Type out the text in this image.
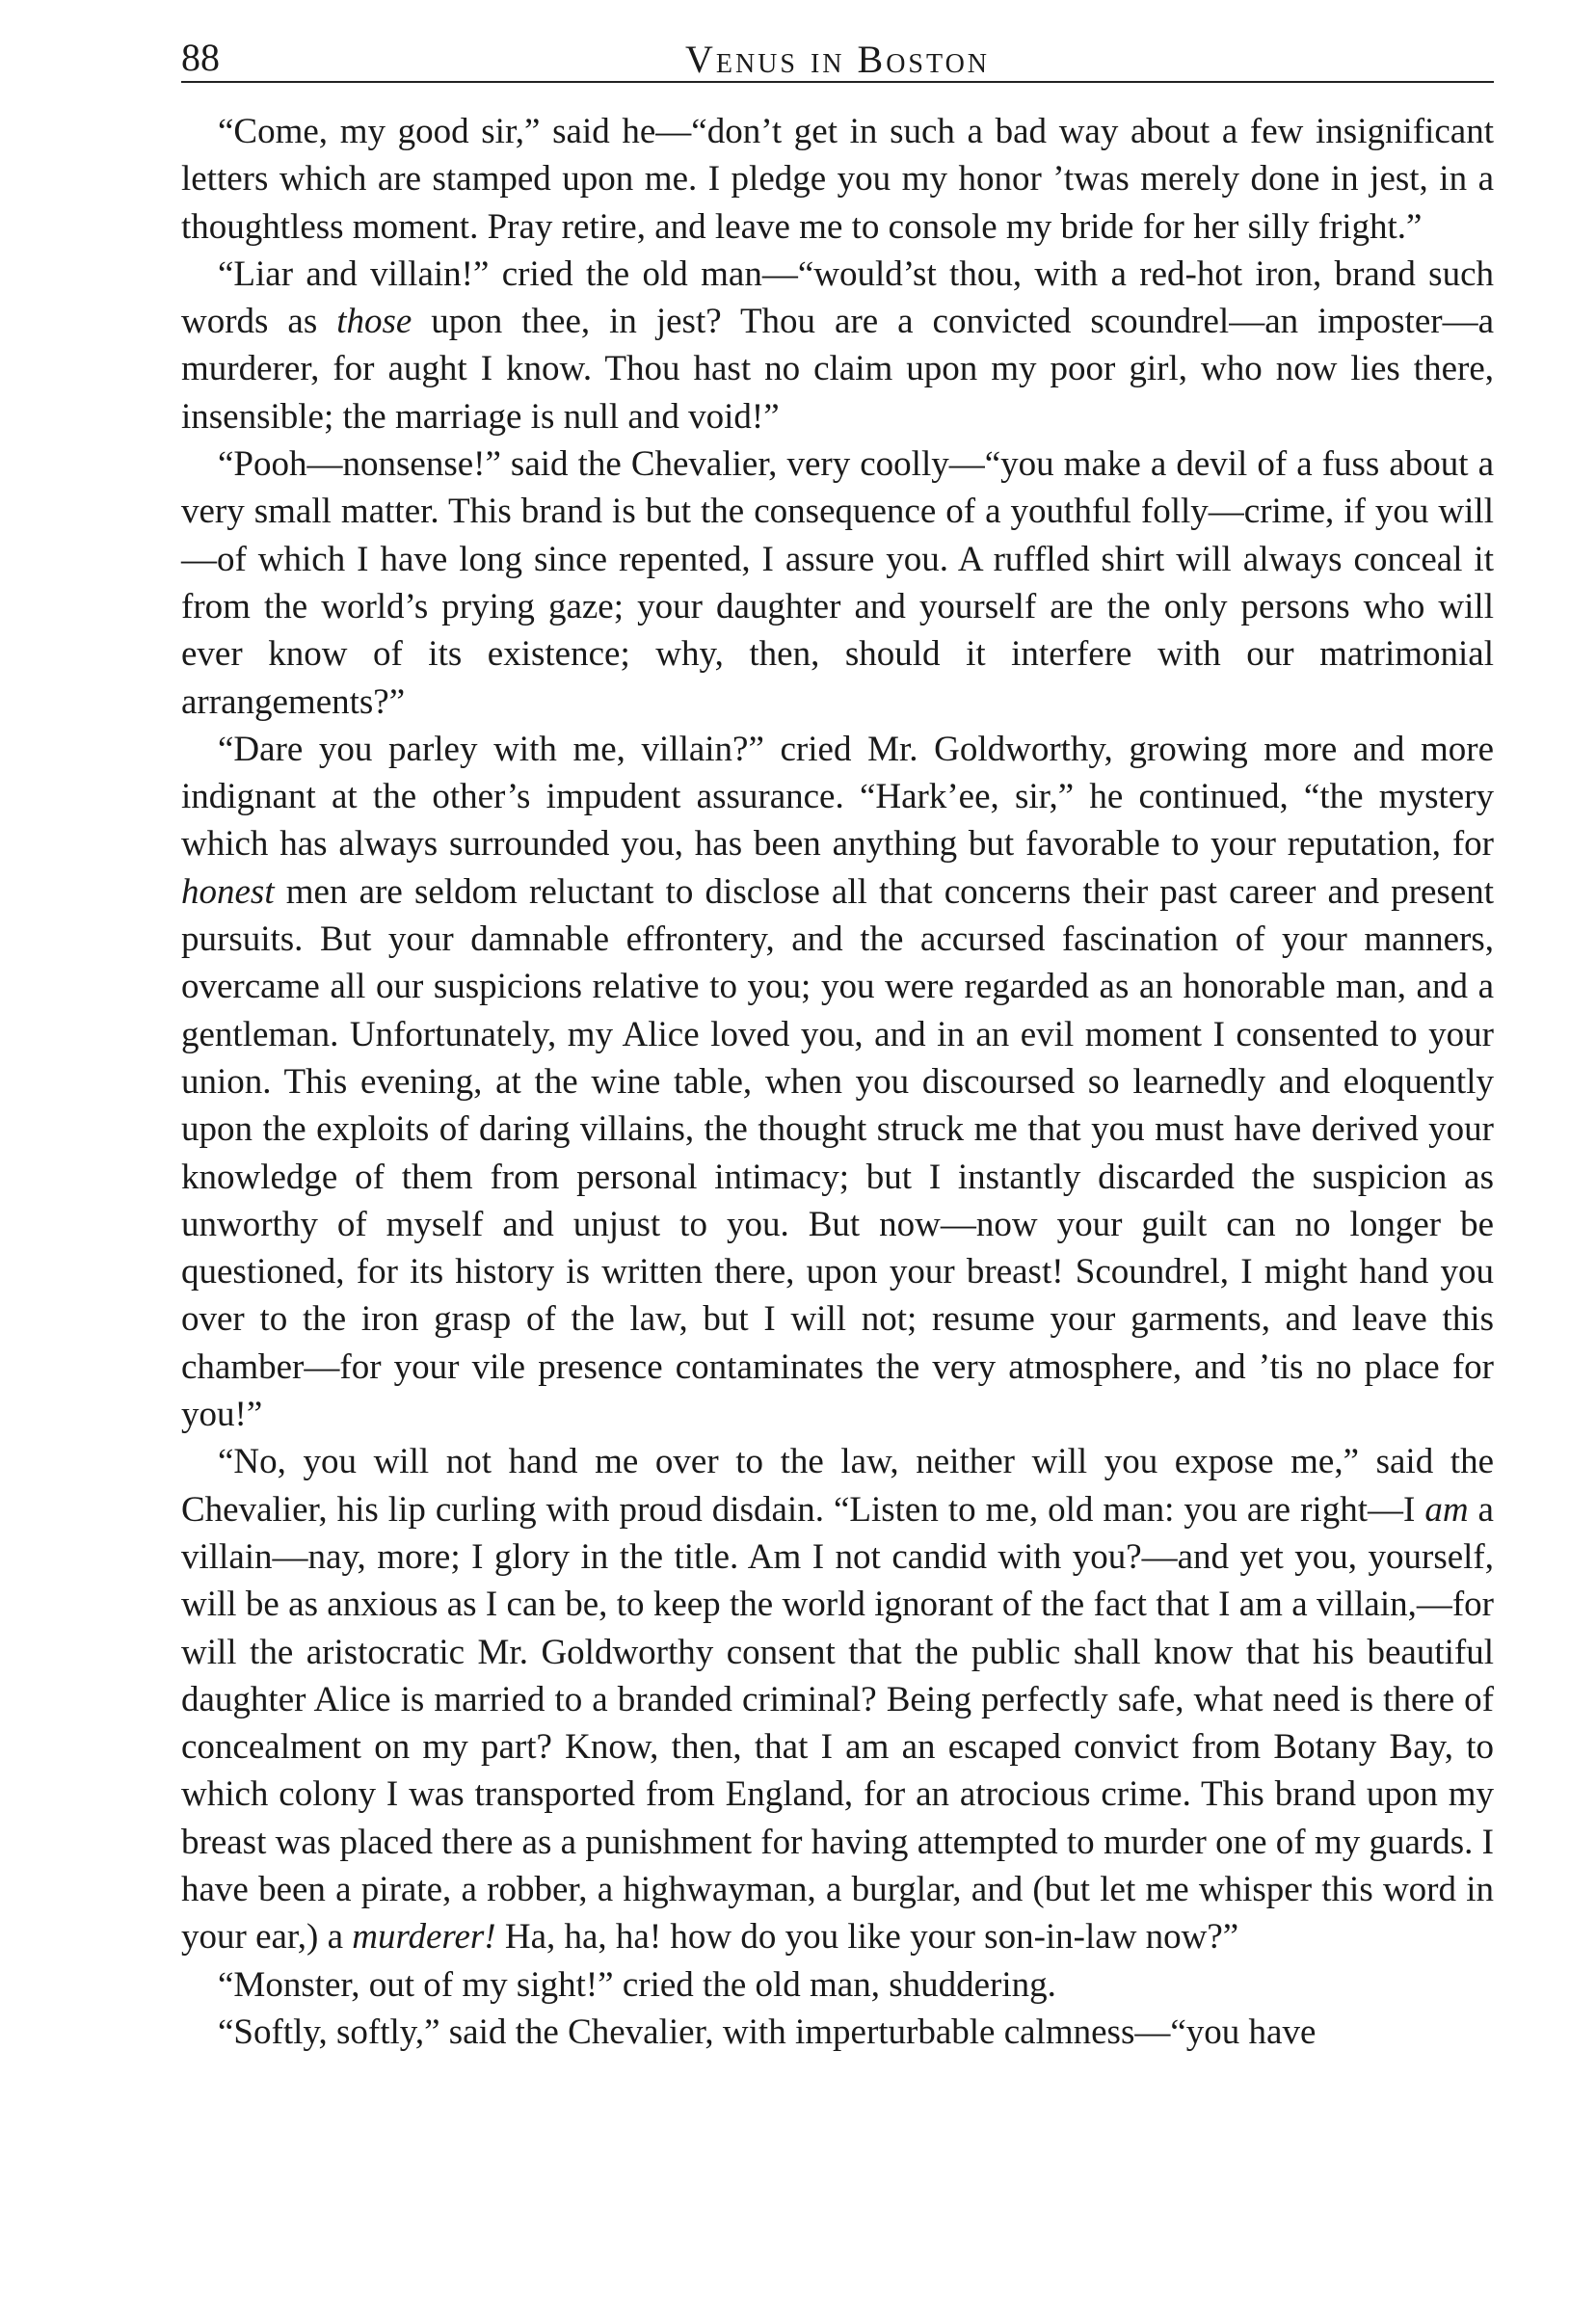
88	Venus in Boston

“Come, my good sir,” said he—“don’t get in such a bad way about a few insignificant letters which are stamped upon me. I pledge you my honor ’twas merely done in jest, in a thoughtless moment. Pray retire, and leave me to console my bride for her silly fright.”

“Liar and villain!” cried the old man—“would’st thou, with a red-hot iron, brand such words as those upon thee, in jest? Thou are a convicted scoundrel—an imposter—a murderer, for aught I know. Thou hast no claim upon my poor girl, who now lies there, insensible; the marriage is null and void!”

“Pooh—nonsense!” said the Chevalier, very coolly—“you make a devil of a fuss about a very small matter. This brand is but the consequence of a youthful folly—crime, if you will—of which I have long since repented, I assure you. A ruffled shirt will always conceal it from the world’s prying gaze; your daughter and yourself are the only persons who will ever know of its existence; why, then, should it interfere with our matrimonial arrangements?”

“Dare you parley with me, villain?” cried Mr. Goldworthy, growing more and more indignant at the other’s impudent assurance. “Hark’ee, sir,” he continued, “the mystery which has always surrounded you, has been anything but favorable to your reputation, for honest men are seldom reluctant to disclose all that concerns their past career and present pursuits. But your damnable effrontery, and the accursed fascination of your manners, overcame all our suspicions relative to you; you were regarded as an honorable man, and a gentleman. Unfortunately, my Alice loved you, and in an evil moment I consented to your union. This evening, at the wine table, when you discoursed so learnedly and eloquently upon the exploits of daring villains, the thought struck me that you must have derived your knowledge of them from personal intimacy; but I instantly discarded the suspicion as unworthy of myself and unjust to you. But now—now your guilt can no longer be questioned, for its history is written there, upon your breast! Scoundrel, I might hand you over to the iron grasp of the law, but I will not; resume your garments, and leave this chamber—for your vile presence contaminates the very atmosphere, and ’tis no place for you!”

“No, you will not hand me over to the law, neither will you expose me,” said the Chevalier, his lip curling with proud disdain. “Listen to me, old man: you are right—I am a villain—nay, more; I glory in the title. Am I not candid with you?—and yet you, yourself, will be as anxious as I can be, to keep the world ignorant of the fact that I am a villain,—for will the aristocratic Mr. Goldworthy consent that the public shall know that his beautiful daughter Alice is married to a branded criminal? Being perfectly safe, what need is there of concealment on my part? Know, then, that I am an escaped convict from Botany Bay, to which colony I was transported from England, for an atrocious crime. This brand upon my breast was placed there as a punishment for having attempted to murder one of my guards. I have been a pirate, a robber, a highwayman, a burglar, and (but let me whisper this word in your ear,) a murderer! Ha, ha, ha! how do you like your son-in-law now?”

“Monster, out of my sight!” cried the old man, shuddering.

“Softly, softly,” said the Chevalier, with imperturbable calmness—“you have
